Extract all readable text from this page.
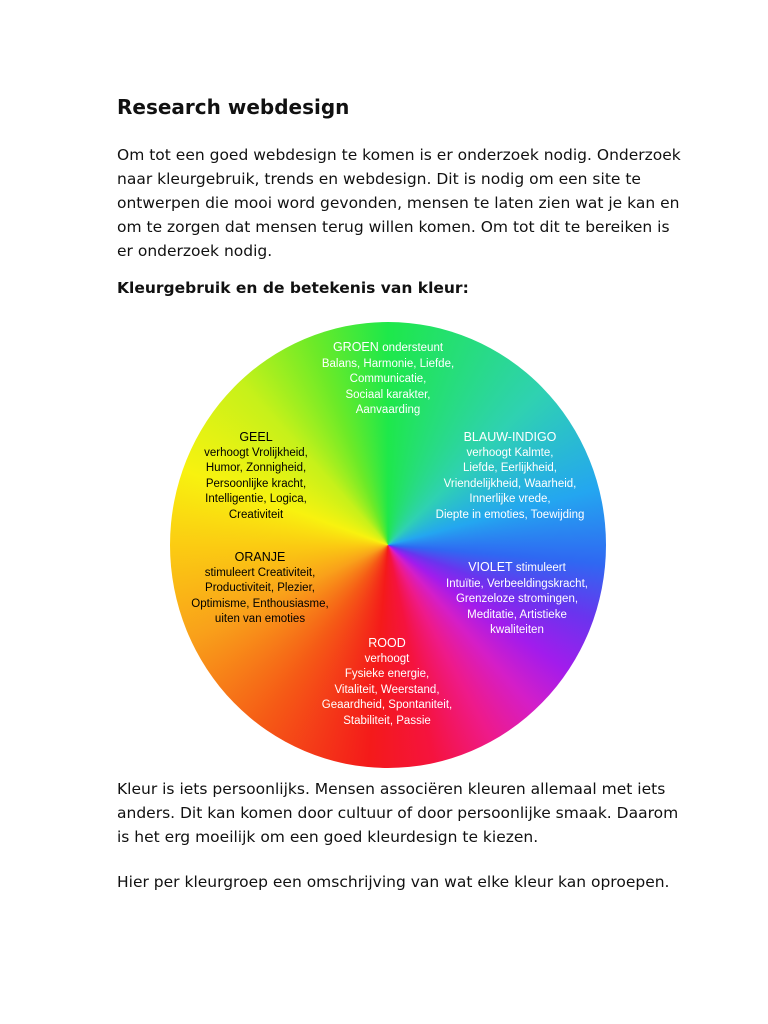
Research webdesign

Om tot een goed webdesign te komen is er onderzoek nodig. Onderzoek
naar kleurgebruik, trends en webdesign. Dit is nodig om een site te
ontwerpen die mooi word gevonden, mensen te laten zien wat je kan en
om te zorgen dat mensen terug willen komen. Om tot dit te bereiken is
er onderzoek nodig.

Kleurgebruik en de betekenis van kleur:
GROEN ondersteunt
Balans, Harmonie, Liefde,
Communicatie,
Sociaal karakter,
Aanvaarding
BLAUW-INDIGO
verhoogt Kalmte,
Liefde, Eerlijkheid,
Vriendelijkheid, Waarheid,
Innerlijke vrede,
Diepte in emoties, Toewijding
VIOLET stimuleert
Intuïtie, Verbeeldingskracht,
Grenzeloze stromingen,
Meditatie, Artistieke
kwaliteiten
ROOD
verhoogt
Fysieke energie,
Vitaliteit, Weerstand,
Geaardheid, Spontaniteit,
Stabiliteit, Passie
ORANJE
stimuleert Creativiteit,
Productiviteit, Plezier,
Optimisme, Enthousiasme,
uiten van emoties
GEEL
verhoogt Vrolijkheid,
Humor, Zonnigheid,
Persoonlijke kracht,
Intelligentie, Logica,
Creativiteit

Kleur is iets persoonlijks. Mensen associëren kleuren allemaal met iets
anders. Dit kan komen door cultuur of door persoonlijke smaak. Daarom
is het erg moeilijk om een goed kleurdesign te kiezen.

Hier per kleurgroep een omschrijving van wat elke kleur kan oproepen.
